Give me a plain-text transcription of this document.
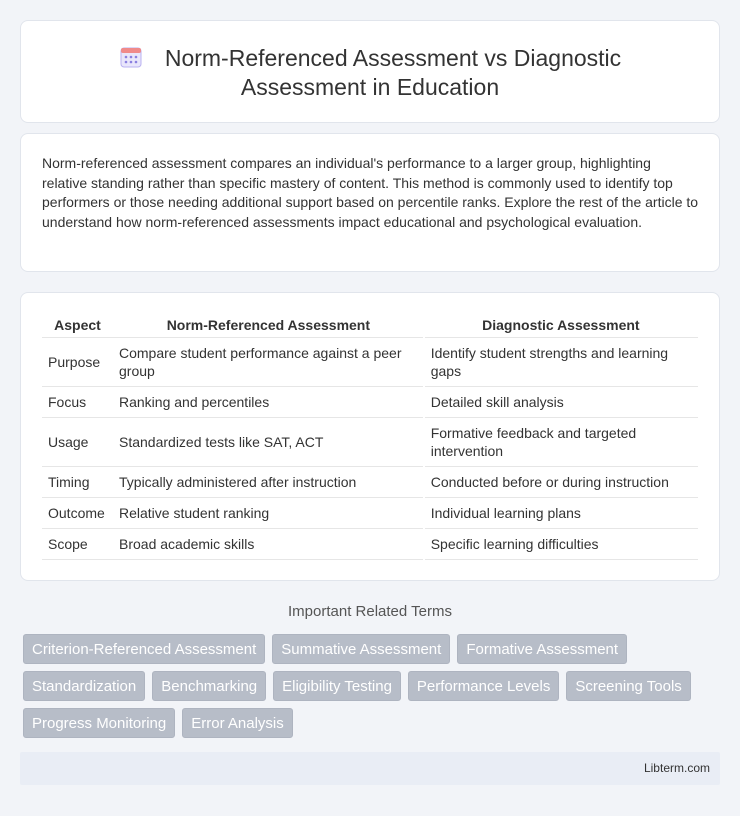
Norm-Referenced Assessment vs Diagnostic
Assessment in Education

Norm-referenced assessment compares an individual's performance to a larger group, highlighting relative standing rather than specific mastery of content. This method is commonly used to identify top performers or those needing additional support based on percentile ranks. Explore the rest of the article to understand how norm-referenced assessments impact educational and psychological evaluation.

Aspect	Norm-Referenced Assessment	Diagnostic Assessment
Purpose	Compare student performance against a peer group	Identify student strengths and learning gaps
Focus	Ranking and percentiles	Detailed skill analysis
Usage	Standardized tests like SAT, ACT	Formative feedback and targeted intervention
Timing	Typically administered after instruction	Conducted before or during instruction
Outcome	Relative student ranking	Individual learning plans
Scope	Broad academic skills	Specific learning difficulties
Important Related Terms
Criterion-Referenced Assessment	Summative Assessment	Formative Assessment
Standardization	Benchmarking	Eligibility Testing	Performance Levels	Screening Tools
Progress Monitoring	Error Analysis
Libterm.com
